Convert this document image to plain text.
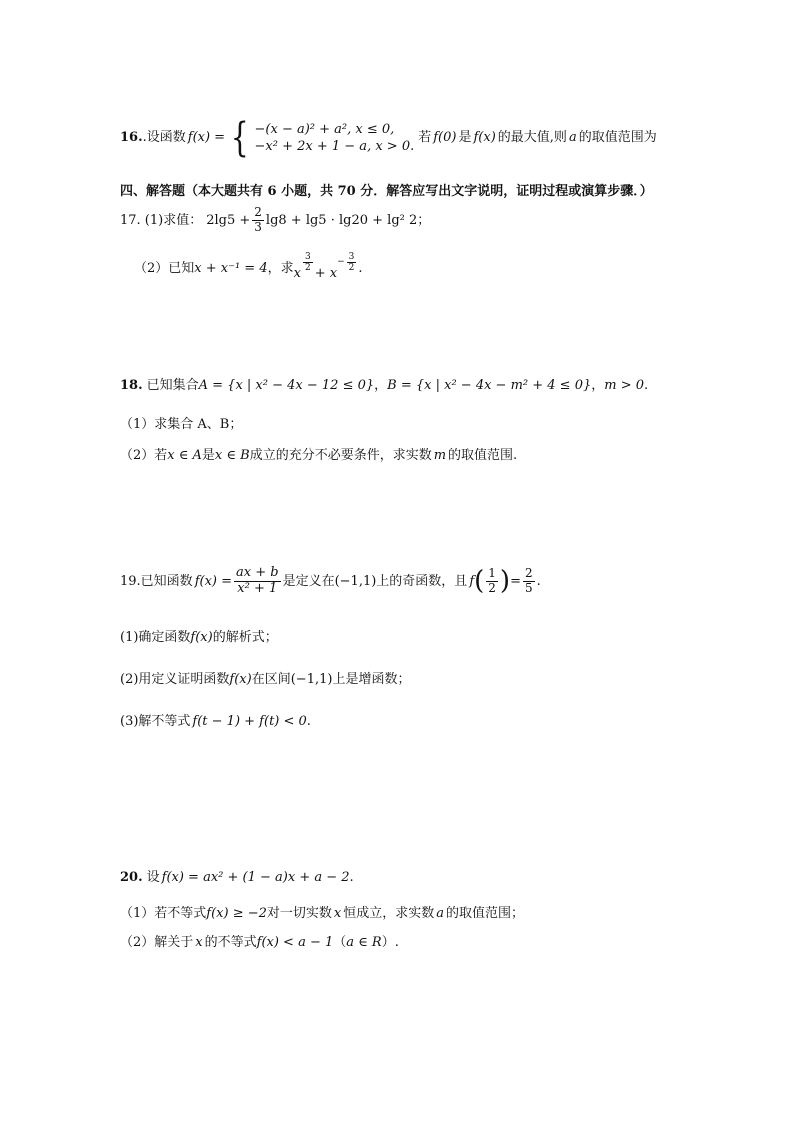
16. .设函数 f(x) = { −(x − a)² + a², x ≤ 0,
−x² + 2x + 1 − a, x > 0.
若 f(0) 是 f(x) 的最大值,则 a 的取值范围为
四、解答题（本大题共有 6 小题，共 70 分．解答应写出文字说明，证明过程或演算步骤．）
17. (1)求值： $2\lg 5 + \frac{2}{3} \lg 8 + \lg 5 \cdot \lg 20 + \lg^2$ 2；
（2）已知 x + x⁻¹ = 4 ，求 x $\frac{3}{2} + x$
− $\frac{3}{2}$ .
18. 已知集合 A = {x | x² − 4x − 12 ≤ 0} ， B = {x | x² − 4x − m² + 4 ≤ 0} ， m > 0 .
（1）求集合 A、B；
（2）若 x ∈ A 是 x ∈ B 成立的充分不必要条件，求实数 m 的取值范围.
19.已知函数 $f(x) = \frac{ax + b}{\text{x² + 1}}$ 是定义在 (−1,1) 上的奇函数，且 f ( $\frac{1}{2}$ ) = $\frac{2}{5}$ .
(1)确定函数 f(x) 的解析式；
(2)用定义证明函数 f(x) 在区间 (−1,1) 上是增函数；
(3)解不等式 f(t − 1) + f(t) < 0 .
20. 设 f(x) = ax² + (1 − a)x + a − 2 .
（1）若不等式 f(x) ≥ −2 对一切实数 x 恒成立，求实数 a 的取值范围；
（2）解关于 x 的不等式 f(x) < a − 1 （ a ∈ R ）.
